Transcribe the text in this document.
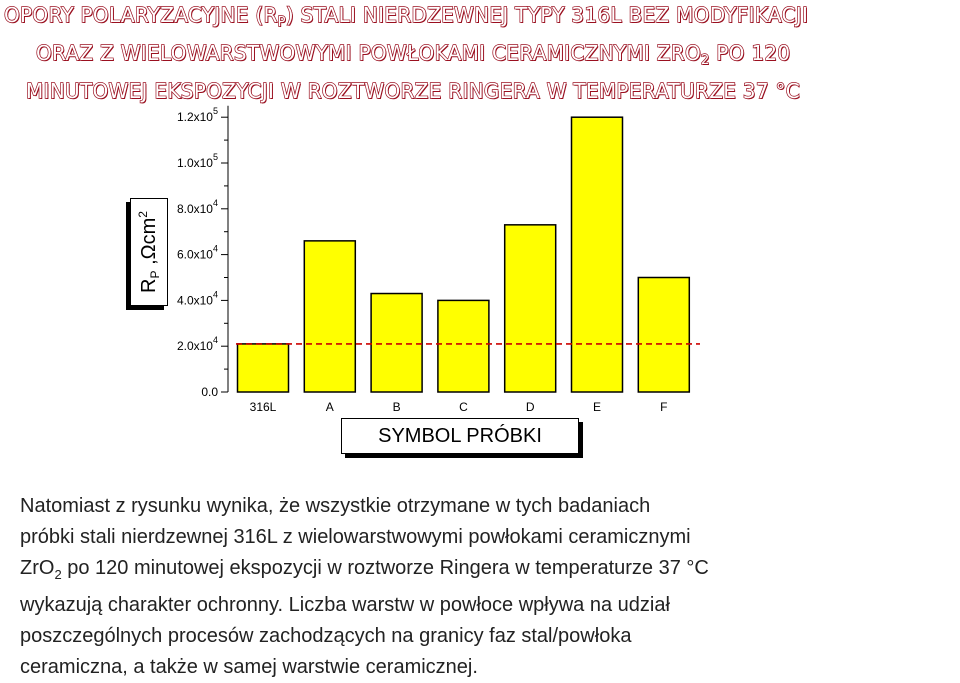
OPORY POLARYZACYJNE $(R_P)$ STALI NIERDZEWNEJ TYPY 316L BEZ MODYFIKACJI
ORAZ Z WIELOWARSTWOWYMI POWŁOKAMI CERAMICZNYMI $ZRO_2$ PO 120
MINUTOWEJ EKSPOZYCJI W ROZTWORZE RINGERA W TEMPERATURZE 37 °C
0.0
$2.0x10^4$
$4.0x10^4$
$6.0x10^4$
$8.0x10^4$
$1.0x10^5$
$1.2x10^5$
316L	A	B	C	D	E	F
$R_P$ ,Ωcm$^2$
SYMBOL PRÓBKI
Natomiast z rysunku wynika, że wszystkie otrzymane w tych badaniach
próbki stali nierdzewnej 316L z wielowarstwowymi powłokami ceramicznymi
ZrO$_2$ po 120 minutowej ekspozycji w roztworze Ringera w temperaturze 37 °C
wykazują charakter ochronny. Liczba warstw w powłoce wpływa na udział
poszczególnych procesów zachodzących na granicy faz stal/powłoka
ceramiczna, a także w samej warstwie ceramicznej.
